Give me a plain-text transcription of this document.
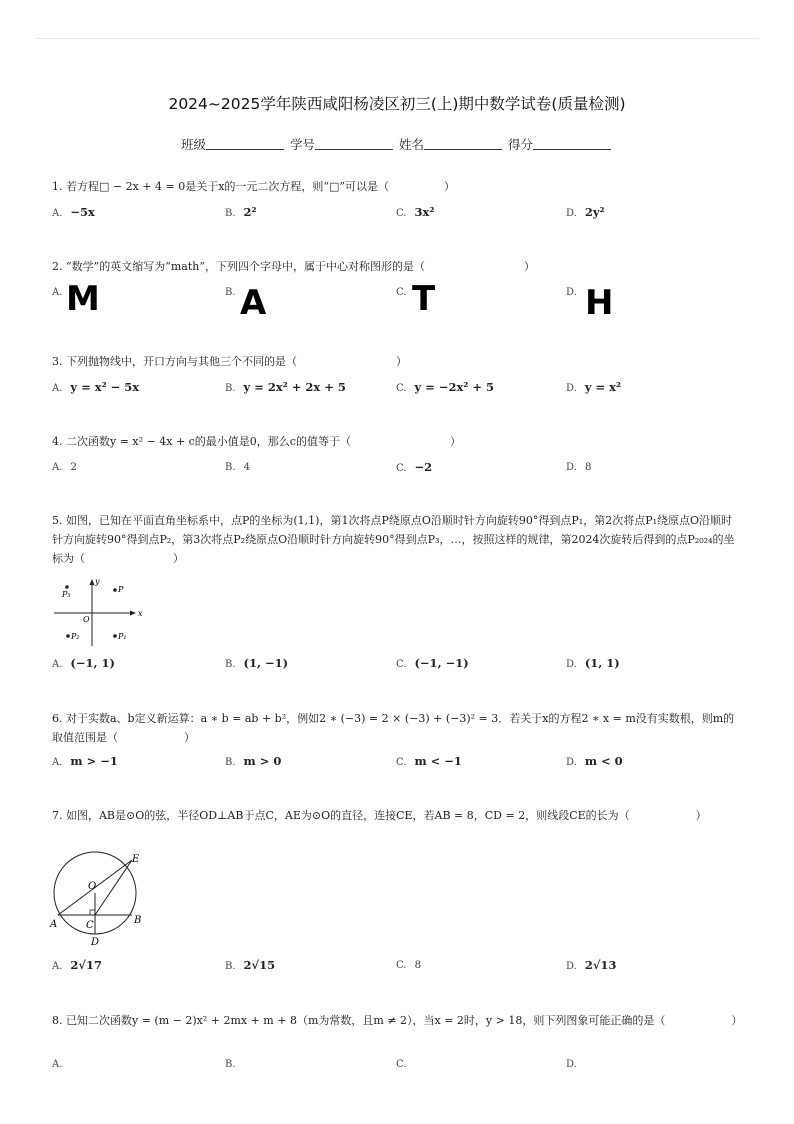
2024~2025学年陕西咸阳杨凌区初三(上)期中数学试卷(质量检测)
班级	学号	姓名	得分
1. 若方程□ − 2x + 4 = 0是关于x的一元二次方程，则“□”可以是（　　　　　）
A. −5x	B. 2²	C. 3x²	D. 2y²
2. “数学”的英文缩写为“math”，下列四个字母中，属于中心对称图形的是（　　　　　　　　　）
A.	B.	C.	D.
M	A	T	H
3. 下列抛物线中，开口方向与其他三个不同的是（　　　　　　　　　）
A. y = x² − 5x	B. y = 2x² + 2x + 5	C. y = −2x² + 5	D. y = x²
4. 二次函数y = x² − 4x + c的最小值是0，那么c的值等于（　　　　　　　　　）
A. 2	B. 4	C. −2	D. 8
5. 如图，已知在平面直角坐标系中，点P的坐标为(1,1)，第1次将点P绕原点O沿顺时针方向旋转90°得到点P₁，第2次将点P₁绕原点O沿顺时针方向旋转90°得到点P₂，第3次将点P₂绕原点O沿顺时针方向旋转90°得到点P₃，…，按照这样的规律，第2024次旋转后得到的点P₂₀₂₄的坐标为（　　　　　　　　）
x
y
O
P
P₁
P₂
P₃
A. (−1, 1)	B. (1, −1)	C. (−1, −1)	D. (1, 1)
6. 对于实数a、b定义新运算：a ∗ b = ab + b²，例如2 ∗ (−3) = 2 × (−3) + (−3)² = 3．若关于x的方程2 ∗ x = m没有实数根，则m的取值范围是（　　　　　　）
A. m > −1	B. m > 0	C. m < −1	D. m < 0
7. 如图，AB是⊙O的弦，半径OD⊥AB于点C，AE为⊙O的直径，连接CE，若AB = 8，CD = 2，则线段CE的长为（　　　　　　）
O
A	B
C
D
E
A. 2√17	B. 2√15	C. 8	D. 2√13
8. 已知二次函数y = (m − 2)x² + 2mx + m + 8（m为常数，且m ≠ 2），当x = 2时，y > 18，则下列图象可能正确的是（　　　　　　）
A.	B.	C.	D.
